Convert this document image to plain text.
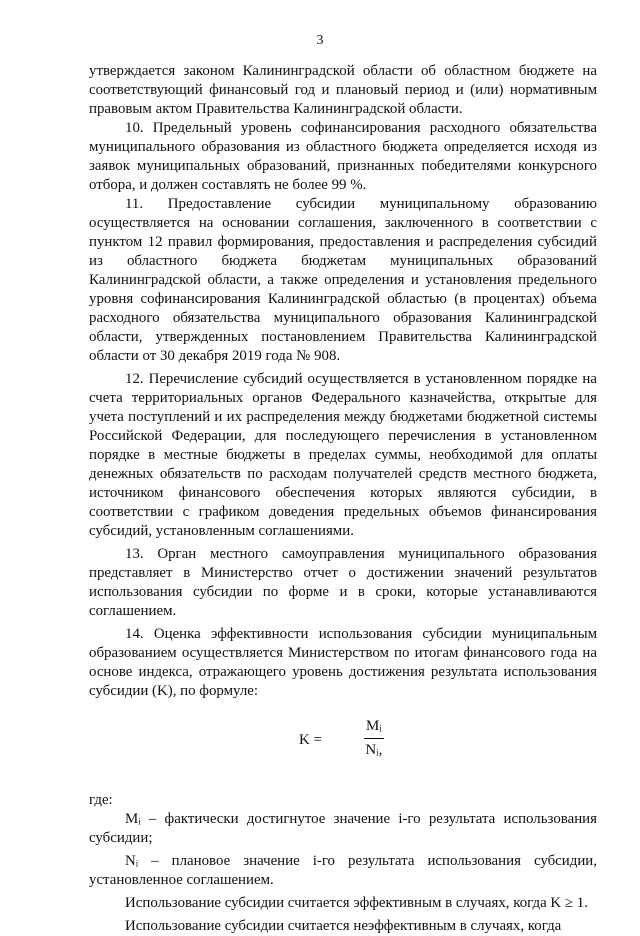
3

утверждается законом Калининградской области об областном бюджете на соответствующий финансовый год и плановый период и (или) нормативным правовым актом Правительства Калининградской области.

10. Предельный уровень софинансирования расходного обязательства муниципального образования из областного бюджета определяется исходя из заявок муниципальных образований, признанных победителями конкурсного отбора, и должен составлять не более 99 %.

11. Предоставление субсидии муниципальному образованию осуществляется на основании соглашения, заключенного в соответствии с пунктом 12 правил формирования, предоставления и распределения субсидий из областного бюджета бюджетам муниципальных образований Калининградской области, а также определения и установления предельного уровня софинансирования Калининградской областью (в процентах) объема расходного обязательства муниципального образования Калининградской области, утвержденных постановлением Правительства Калининградской области от 30 декабря 2019 года № 908.

12. Перечисление субсидий осуществляется в установленном порядке на счета территориальных органов Федерального казначейства, открытые для учета поступлений и их распределения между бюджетами бюджетной системы Российской Федерации, для последующего перечисления в установленном порядке в местные бюджеты в пределах суммы, необходимой для оплаты денежных обязательств по расходам получателей средств местного бюджета, источником финансового обеспечения которых являются субсидии, в соответствии с графиком доведения предельных объемов финансирования субсидий, установленным соглашениями.

13. Орган местного самоуправления муниципального образования представляет в Министерство отчет о достижении значений результатов использования субсидии по форме и в сроки, которые устанавливаются соглашением.

14. Оценка эффективности использования субсидии муниципальным образованием осуществляется Министерством по итогам финансового года на основе индекса, отражающего уровень достижения результата использования субсидии (K), по формуле:

K =	$\frac{\text{Mᵢ}}{\text{Nᵢ,}}$

где:

Mᵢ – фактически достигнутое значение i-го результата использования субсидии;

Nᵢ – плановое значение i-го результата использования субсидии, установленное соглашением.

Использование субсидии считается эффективным в случаях, когда K ≥ 1.

Использование субсидии считается неэффективным в случаях, когда
